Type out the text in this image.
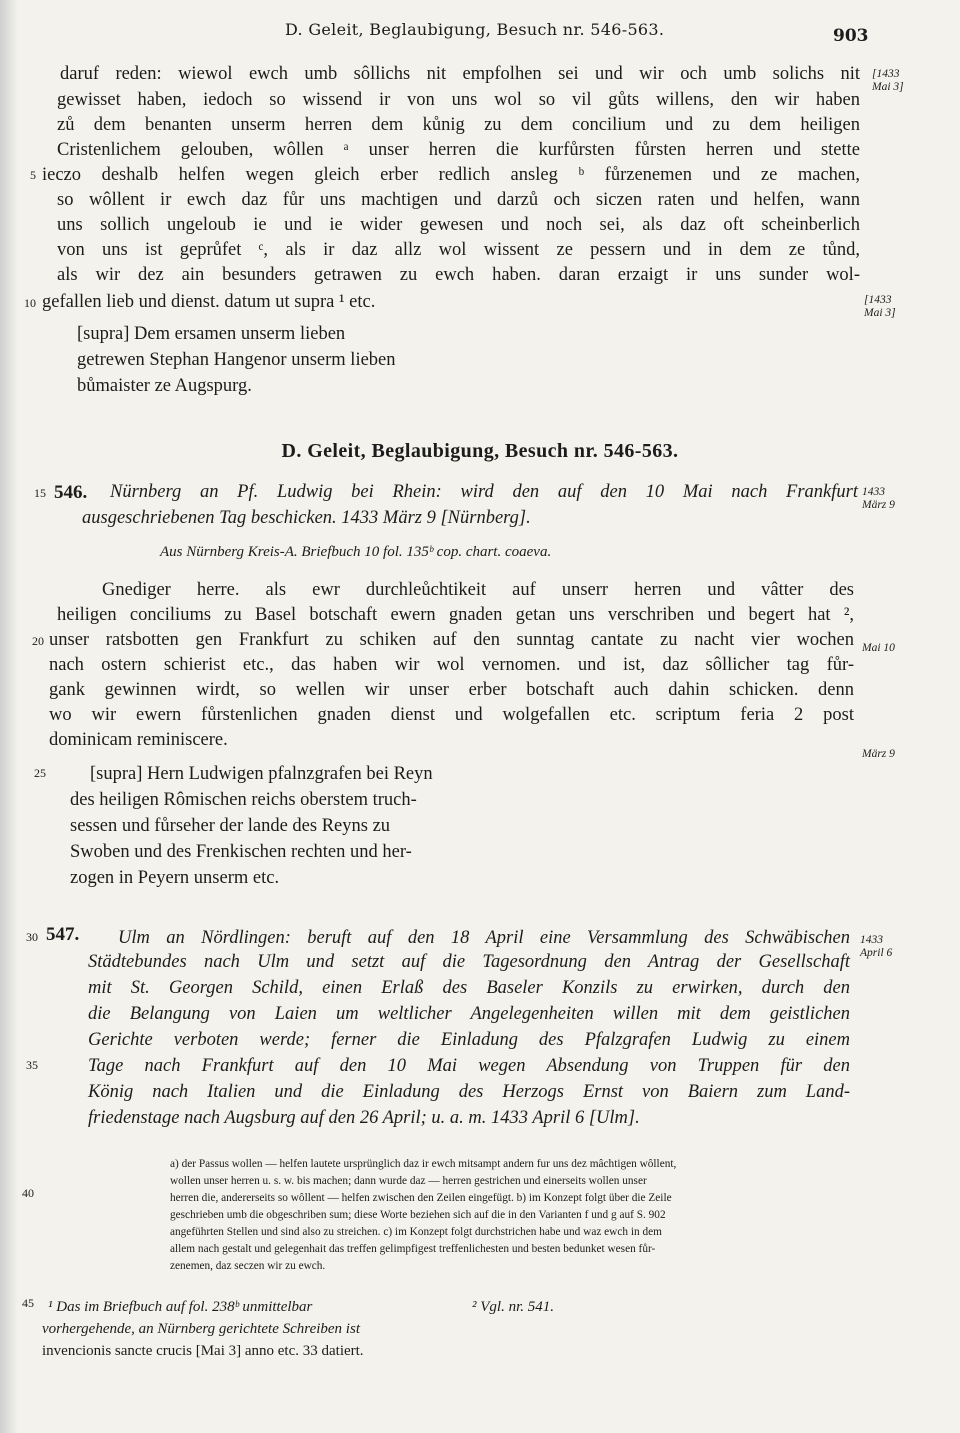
D. Geleit, Beglaubigung, Besuch nr. 546-563.	903
daruf reden: wiewol ewch umb sôllichs nit empfolhen sei und wir och umb solichs nit
gewisset haben, iedoch so wissend ir von uns wol so vil gůts willens, den wir haben
zů dem benanten unserm herren dem kůnig zu dem concilium und zu dem heiligen
Cristenlichem gelouben, wôllen ᵃ unser herren die kurfůrsten fůrsten herren und stette
ieczo deshalb helfen wegen gleich erber redlich ansleg ᵇ fůrzenemen und ze machen,
so wôllent ir ewch daz fůr uns machtigen und darzů och siczen raten und helfen, wann
uns sollich ungeloub ie und ie wider gewesen und noch sei, als daz oft scheinberlich
von uns ist geprůfet ᶜ, als ir daz allz wol wissent ze pessern und in dem ze tůnd,
als wir dez ain besunders getrawen zu ewch haben. daran erzaigt ir uns sunder wol-
gefallen lieb und dienst. datum ut supra ¹ etc.
[supra] Dem ersamen unserm lieben
getrewen Stephan Hangenor unserm lieben
bůmaister ze Augspurg.
D. Geleit, Beglaubigung, Besuch nr. 546-563.
546. Nürnberg an Pf. Ludwig bei Rhein: wird den auf den 10 Mai nach Frankfurt
ausgeschriebenen Tag beschicken. 1433 März 9 [Nürnberg].
Aus Nürnberg Kreis-A. Briefbuch 10 fol. 135ᵇ cop. chart. coaeva.
Gnediger herre. als ewr durchleůchtikeit auf unserr herren und vâtter des
heiligen conciliums zu Basel botschaft ewern gnaden getan uns verschriben und begert hat ²,
unser ratsbotten gen Frankfurt zu schiken auf den sunntag cantate zu nacht vier wochen
nach ostern schierist etc., das haben wir wol vernomen. und ist, daz sôllicher tag fůr-
gank gewinnen wirdt, so wellen wir unser erber botschaft auch dahin schicken. denn
wo wir ewern fůrstenlichen gnaden dienst und wolgefallen etc. scriptum feria 2 post
dominicam reminiscere.
[supra] Hern Ludwigen pfalnzgrafen bei Reyn
des heiligen Rômischen reichs oberstem truch-
sessen und fůrseher der lande des Reyns zu
Swoben und des Frenkischen rechten und her-
zogen in Peyern unserm etc.
547. Ulm an Nördlingen: beruft auf den 18 April eine Versammlung des Schwäbischen
Städtebundes nach Ulm und setzt auf die Tagesordnung den Antrag der Gesellschaft
mit St. Georgen Schild, einen Erlaß des Baseler Konzils zu erwirken, durch den
die Belangung von Laien um weltlicher Angelegenheiten willen mit dem geistlichen
Gerichte verboten werde; ferner die Einladung des Pfalzgrafen Ludwig zu einem
Tage nach Frankfurt auf den 10 Mai wegen Absendung von Truppen für den
König nach Italien und die Einladung des Herzogs Ernst von Baiern zum Land-
friedenstage nach Augsburg auf den 26 April; u. a. m. 1433 April 6 [Ulm].
a) der Passus wollen — helfen lautete ursprünglich daz ir ewch mitsampt andern fur uns dez mâchtigen wôllent,
wollen unser herren u. s. w. bis machen; dann wurde daz — herren gestrichen und einerseits wollen unser
herren die, andererseits so wôllent — helfen zwischen den Zeilen eingefügt. b) im Konzept folgt über die Zeile
geschrieben umb die obgeschriben sum; diese Worte beziehen sich auf die in den Varianten f und g auf S. 902
angeführten Stellen und sind also zu streichen. c) im Konzept folgt durchstrichen habe und waz ewch in dem
allem nach gestalt und gelegenhait das treffen gelimpfigest treffenlichesten und besten bedunket wesen fůr-
zenemen, daz seczen wir zu ewch.
¹ Das im Briefbuch auf fol. 238ᵇ unmittelbar
vorhergehende, an Nürnberg gerichtete Schreiben ist
invencionis sancte crucis [Mai 3] anno etc. 33 datiert.
² Vgl. nr. 541.
[1433
Mai 3]
[1433
Mai 3]
1433
März 9
Mai 10
März 9
1433
April 6
5
10
15
20
25
30
35
40
45
